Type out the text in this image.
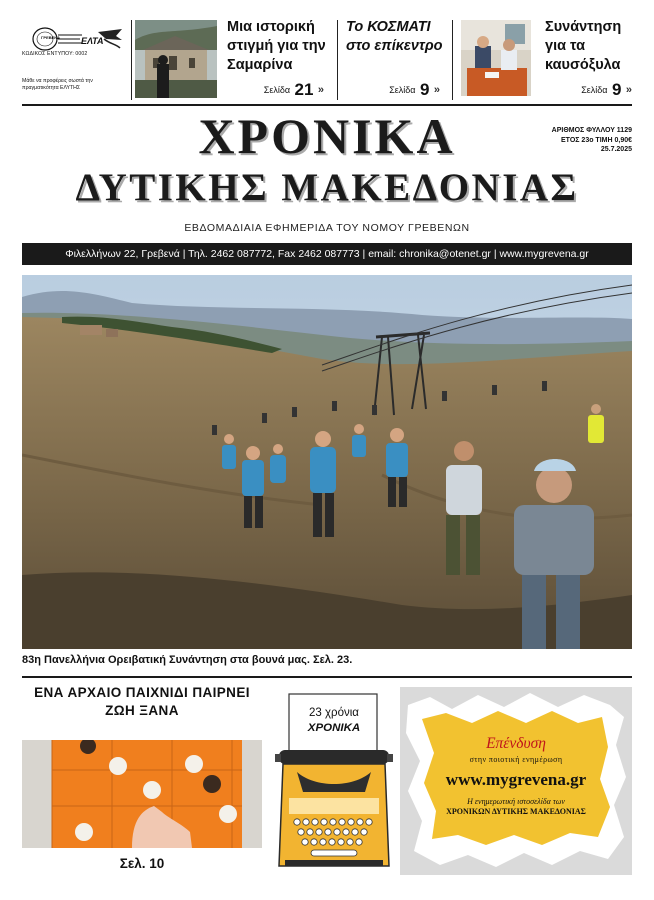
ΓΡΕΒΕΝΑ ΕΛΤΑ
ΚΩΔΙΚΟΣ ΕΝΤΥΠΟΥ: 0002
Μάθε να προφέρεις σωστά την πραγματικότητα ΕΛΥΤΗΣ
Μια ιστορική στιγμή για την Σαμαρίνα
Σελίδα 21 »
Το ΚΟΣΜΑΤΙ στο επίκεντρο
Σελίδα 9 »
Συνάντηση για τα καυσόξυλα
Σελίδα 9 »
ΧΡΟΝΙΚΑ
ΔΥΤΙΚΗΣ ΜΑΚΕΔΟΝΙΑΣ
ΑΡΙΘΜΟΣ ΦΥΛΛΟΥ 1129
ΕΤΟΣ 23ο ΤΙΜΗ 0,90€
25.7.2025
ΕΒΔΟΜΑΔΙΑΙΑ ΕΦΗΜΕΡΙΔΑ ΤΟΥ ΝΟΜΟΥ ΓΡΕΒΕΝΩΝ
Φιλελλήνων 22, Γρεβενά | Τηλ. 2462 087772, Fax 2462 087773 | email: chronika@otenet.gr | www.mygrevena.gr
83η Πανελλήνια Ορειβατική Συνάντηση στα βουνά μας. Σελ. 23.
ΕΝΑ ΑΡΧΑΙΟ ΠΑΙΧΝΙΔΙ ΠΑΙΡΝΕΙ ΖΩΗ ΞΑΝΑ
Σελ. 10
23 χρόνια
ΧΡΟΝΙΚΑ
Επένδυση
στην ποιοτική ενημέρωση
www.mygrevena.gr
Η ενημερωτική ιστοσελίδα των
ΧΡΟΝΙΚΩΝ ΔΥΤΙΚΗΣ ΜΑΚΕΔΟΝΙΑΣ
